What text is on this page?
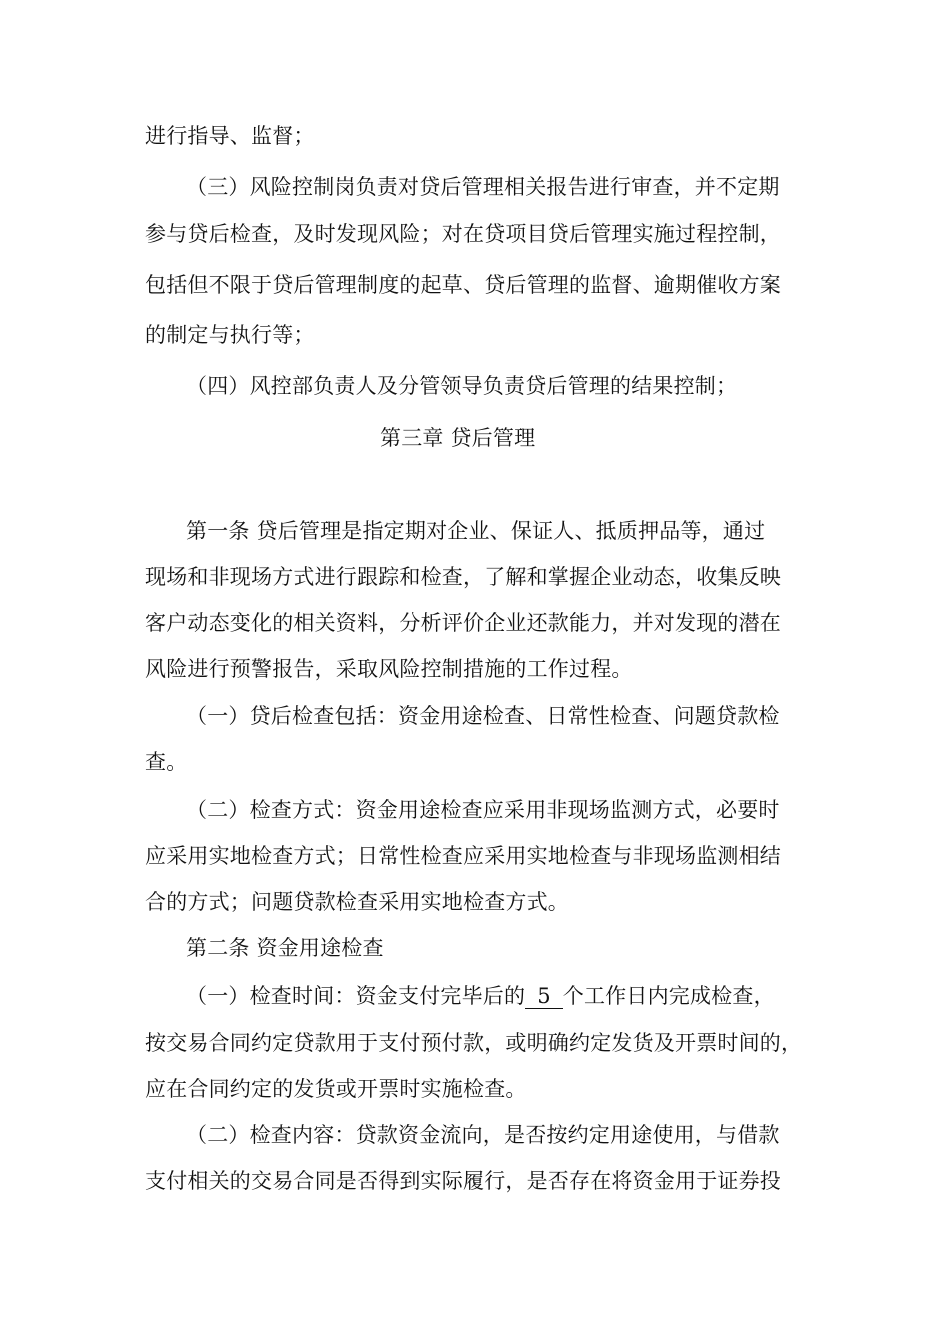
进行指导、监督；
（三）风险控制岗负责对贷后管理相关报告进行审查，并不定期
参与贷后检查，及时发现风险；对在贷项目贷后管理实施过程控制，
包括但不限于贷后管理制度的起草、贷后管理的监督、逾期催收方案
的制定与执行等；
（四）风控部负责人及分管领导负责贷后管理的结果控制；
第三章 贷后管理
第一条 贷后管理是指定期对企业、保证人、抵质押品等，通过
现场和非现场方式进行跟踪和检查，了解和掌握企业动态，收集反映
客户动态变化的相关资料，分析评价企业还款能力，并对发现的潜在
风险进行预警报告，采取风险控制措施的工作过程。
（一）贷后检查包括：资金用途检查、日常性检查、问题贷款检
查。
（二）检查方式：资金用途检查应采用非现场监测方式，必要时
应采用实地检查方式；日常性检查应采用实地检查与非现场监测相结
合的方式；问题贷款检查采用实地检查方式。
第二条 资金用途检查
（一）检查时间：资金支付完毕后的 5 个工作日内完成检查，
按交易合同约定贷款用于支付预付款，或明确约定发货及开票时间的，
应在合同约定的发货或开票时实施检查。
（二）检查内容：贷款资金流向，是否按约定用途使用，与借款
支付相关的交易合同是否得到实际履行，是否存在将资金用于证券投
